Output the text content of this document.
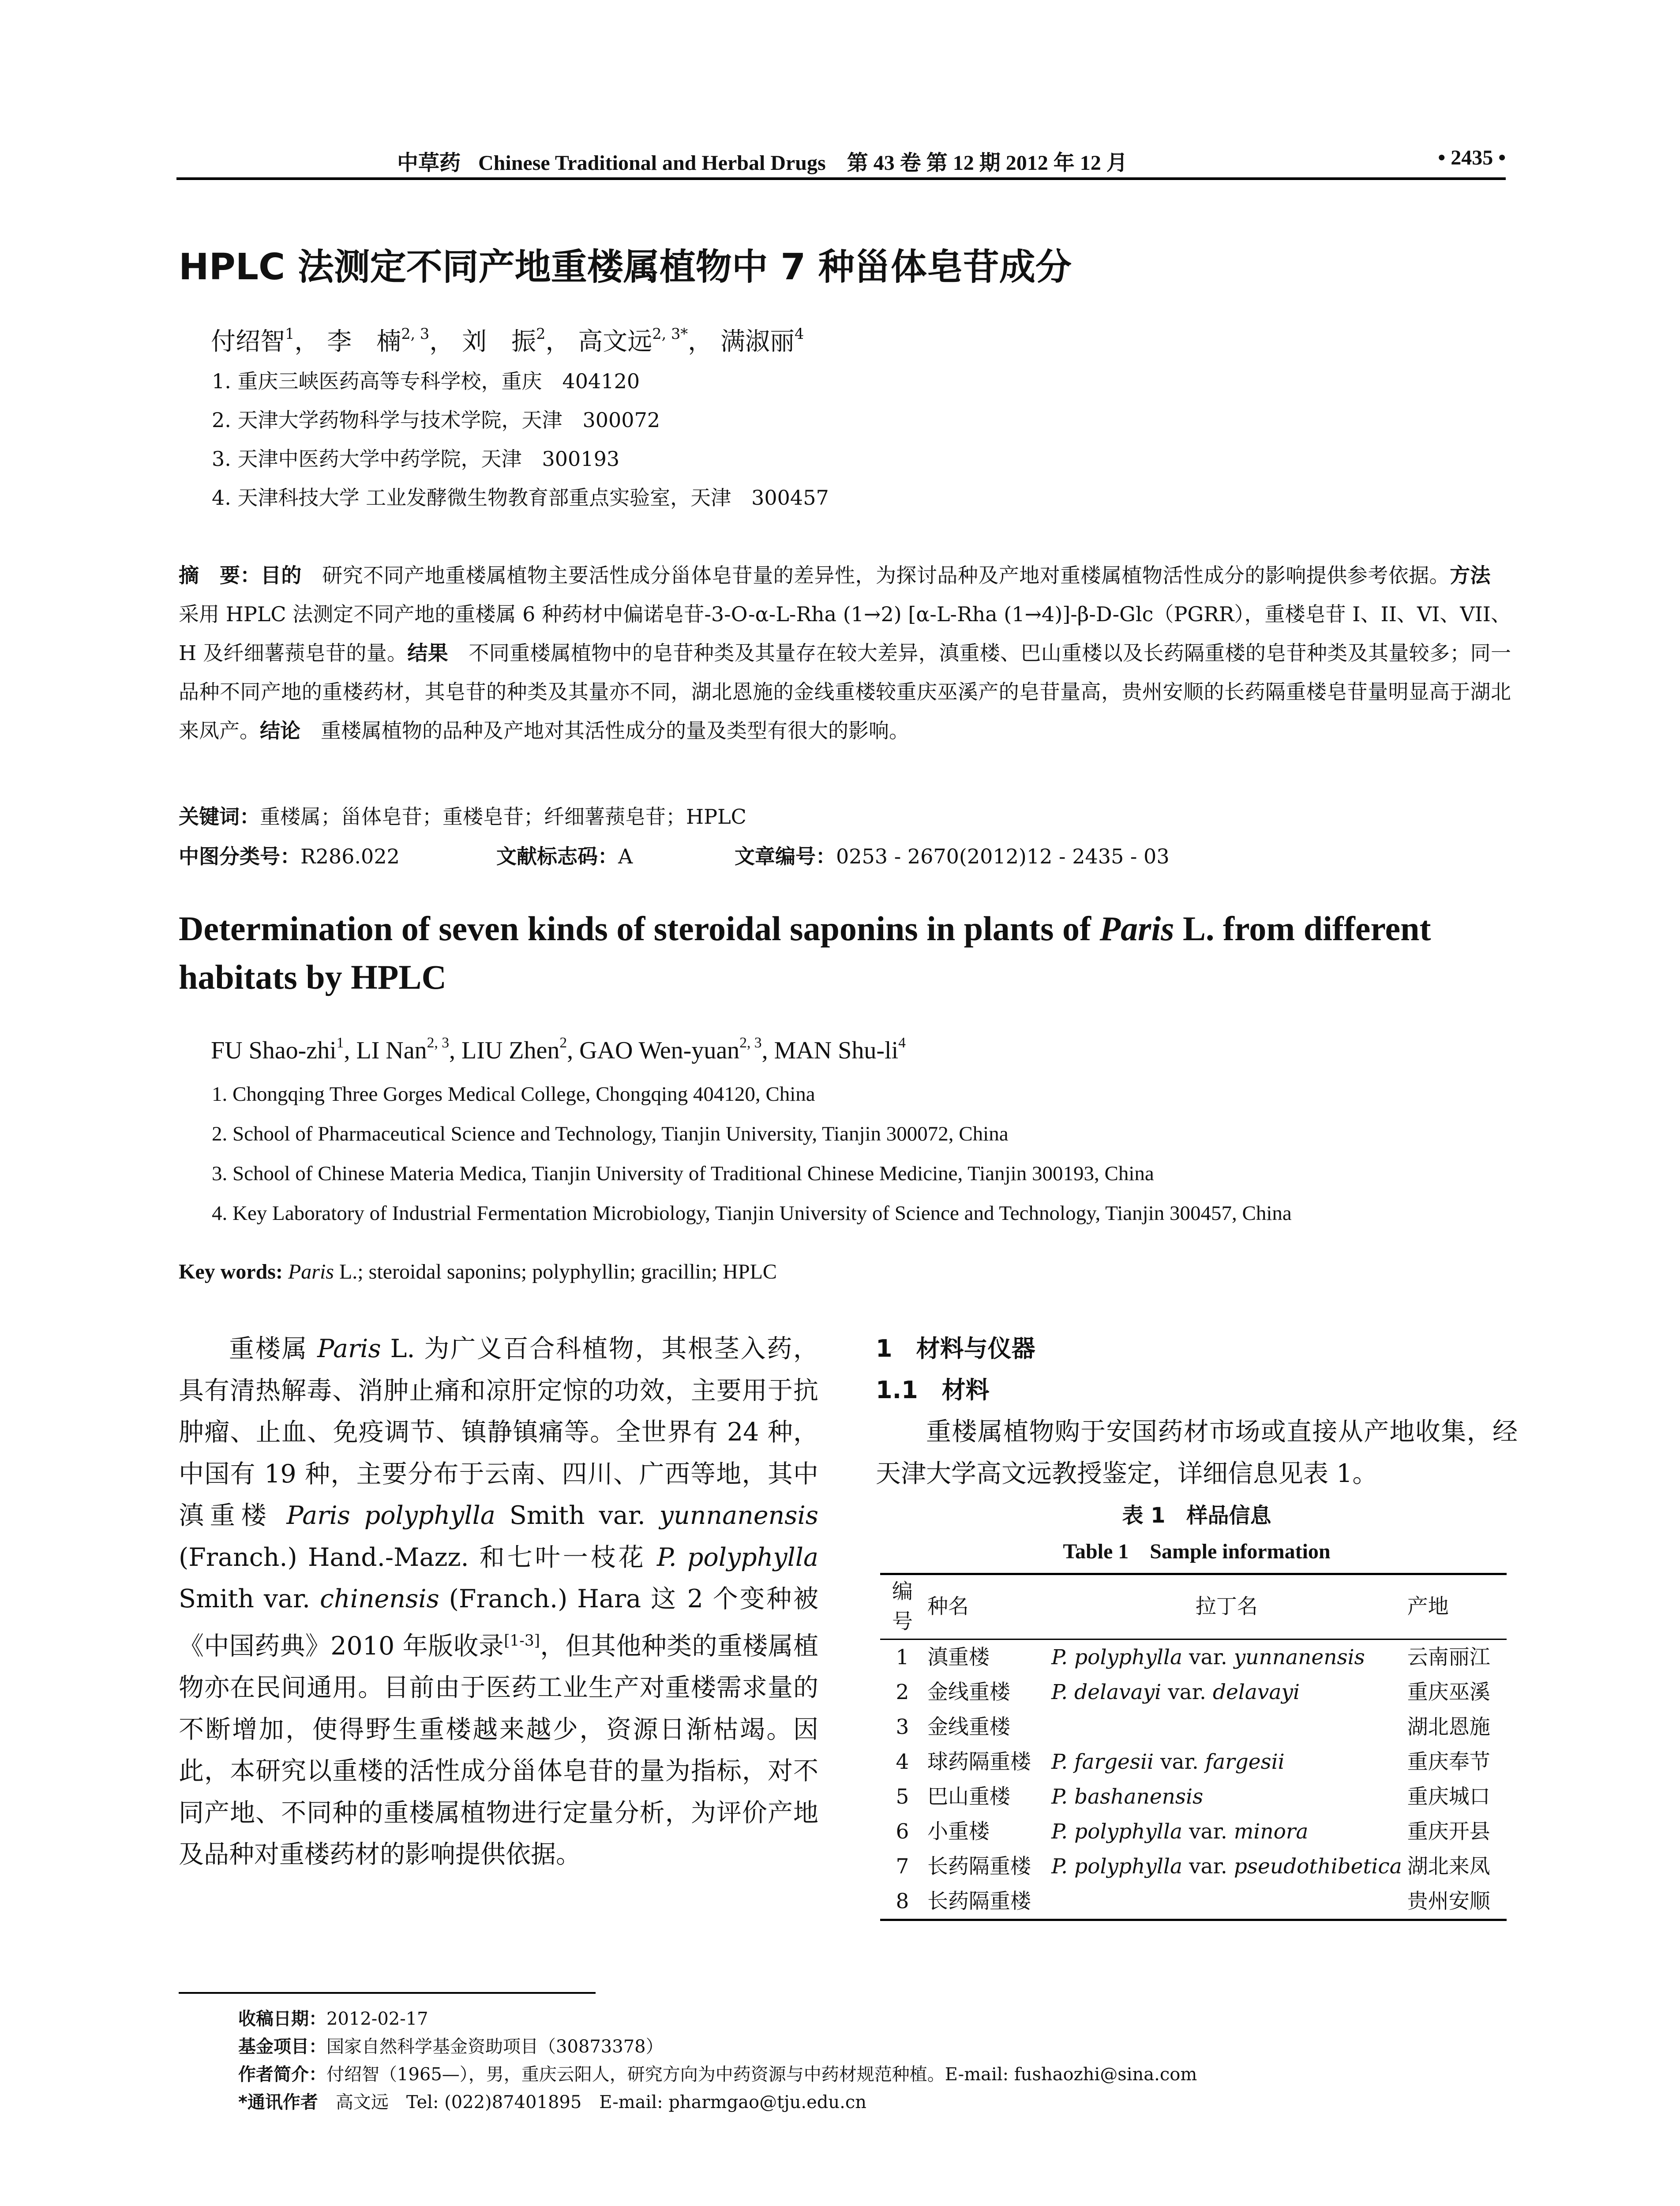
中草药 Chinese Traditional and Herbal Drugs 第 43 卷 第 12 期 2012 年 12 月	• 2435 •
HPLC 法测定不同产地重楼属植物中 7 种甾体皂苷成分
付绍智$^1$， 李　楠$^{2, 3}$， 刘　振$^2$， 高文远$^{2, 3*}$， 满淑丽$^4$
1. 重庆三峡医药高等专科学校，重庆　404120
2. 天津大学药物科学与技术学院，天津　300072
3. 天津中医药大学中药学院，天津　300193
4. 天津科技大学 工业发酵微生物教育部重点实验室，天津　300457
摘　要：目的　研究不同产地重楼属植物主要活性成分甾体皂苷量的差异性，为探讨品种及产地对重楼属植物活性成分的影响提供参考依据。方法　采用 HPLC 法测定不同产地的重楼属 6 种药材中偏诺皂苷-3-O-α-L-Rha (1→2) [α-L-Rha (1→4)]-β-D-Glc（PGRR），重楼皂苷 I、II、VI、VII、H 及纤细薯蓣皂苷的量。结果　不同重楼属植物中的皂苷种类及其量存在较大差异，滇重楼、巴山重楼以及长药隔重楼的皂苷种类及其量较多；同一品种不同产地的重楼药材，其皂苷的种类及其量亦不同，湖北恩施的金线重楼较重庆巫溪产的皂苷量高，贵州安顺的长药隔重楼皂苷量明显高于湖北来凤产。结论　重楼属植物的品种及产地对其活性成分的量及类型有很大的影响。
关键词：重楼属；甾体皂苷；重楼皂苷；纤细薯蓣皂苷；HPLC
中图分类号：R286.022	文献标志码：A	文章编号：0253 - 2670(2012)12 - 2435 - 03
Determination of seven kinds of steroidal saponins in plants of Paris L. from different habitats by HPLC
FU Shao-zhi$^1$, LI Nan$^{2, 3}$, LIU Zhen$^2$, GAO Wen-yuan$^{2, 3}$, MAN Shu-$li^4$
1. Chongqing Three Gorges Medical College, Chongqing 404120, China
2. School of Pharmaceutical Science and Technology, Tianjin University, Tianjin 300072, China
3. School of Chinese Materia Medica, Tianjin University of Traditional Chinese Medicine, Tianjin 300193, China
4. Key Laboratory of Industrial Fermentation Microbiology, Tianjin University of Science and Technology, Tianjin 300457, China
Key words: Paris L.; steroidal saponins; polyphyllin; gracillin; HPLC

重楼属 Paris L. 为广义百合科植物，其根茎入药，具有清热解毒、消肿止痛和凉肝定惊的功效，主要用于抗肿瘤、止血、免疫调节、镇静镇痛等。全世界有 24 种，中国有 19 种，主要分布于云南、四川、广西等地，其中滇重楼 Paris polyphylla Smith var. yunnanensis (Franch.) Hand.-Mazz. 和七叶一枝花 P. polyphylla Smith var. chinensis (Franch.) Hara 这 2 个变种被《中国药典》2010 年版收录[1-3]，但其他种类的重楼属植物亦在民间通用。目前由于医药工业生产对重楼需求量的不断增加，使得野生重楼越来越少，资源日渐枯竭。因此，本研究以重楼的活性成分甾体皂苷的量为指标，对不同产地、不同种的重楼属植物进行定量分析，为评价产地及品种对重楼药材的影响提供依据。

1　材料与仪器
1.1　材料

重楼属植物购于安国药材市场或直接从产地收集，经天津大学高文远教授鉴定，详细信息见表 1。

表 1　样品信息
Table 1　Sample information
编号	种名	拉丁名	产地
1	滇重楼	P. polyphylla var. yunnanensis	云南丽江
2	金线重楼	P. delavayi var. delavayi	重庆巫溪
3	金线重楼		湖北恩施
4	球药隔重楼	P. fargesii var. fargesii	重庆奉节
5	巴山重楼	P. bashanensis	重庆城口
6	小重楼	P. polyphylla var. minora	重庆开县
7	长药隔重楼	P. polyphylla var. pseudothibetica	湖北来凤
8	长药隔重楼		贵州安顺
收稿日期：2012-02-17
基金项目：国家自然科学基金资助项目（30873378）
作者简介：付绍智（1965—），男，重庆云阳人，研究方向为中药资源与中药材规范种植。E-mail: fushaozhi@sina.com
*通讯作者　高文远　Tel: (022)87401895　E-mail: pharmgao@tju.edu.cn
